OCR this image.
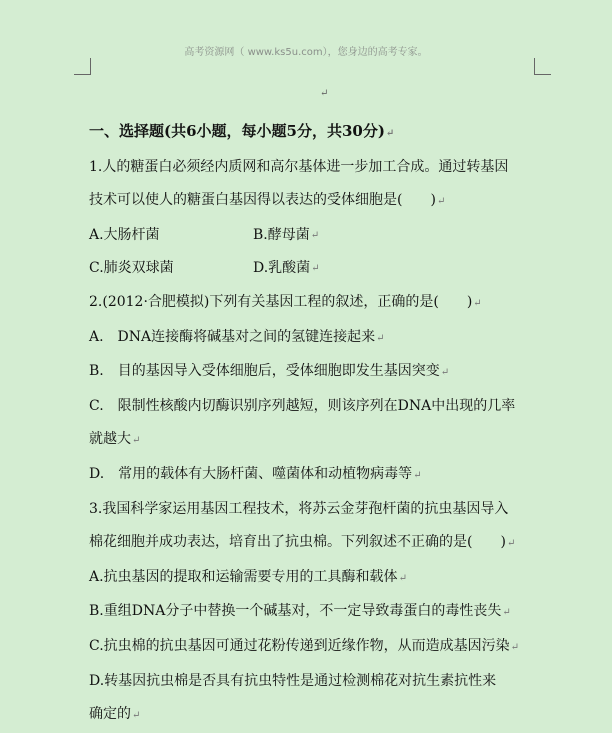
高考资源网（ www.ks5u.com），您身边的高考专家。
↵
一、选择题(共6小题，每小题5分，共30分)↵
1.人的糖蛋白必须经内质网和高尔基体进一步加工合成。通过转基因
技术可以使人的糖蛋白基因得以表达的受体细胞是(　　)↵
A.大肠杆菌	B.酵母菌 ↵
C.肺炎双球菌	D.乳酸菌 ↵
2.(2012·合肥模拟)下列有关基因工程的叙述，正确的是(　　)↵
A.　DNA连接酶将碱基对之间的氢键连接起来↵
B.　目的基因导入受体细胞后，受体细胞即发生基因突变↵
C.　限制性核酸内切酶识别序列越短，则该序列在DNA中出现的几率
就越大↵
D.　常用的载体有大肠杆菌、噬菌体和动植物病毒等↵
3.我国科学家运用基因工程技术，将苏云金芽孢杆菌的抗虫基因导入
棉花细胞并成功表达，培育出了抗虫棉。下列叙述不正确的是(　　)↵
A.抗虫基因的提取和运输需要专用的工具酶和载体↵
B.重组DNA分子中替换一个碱基对，不一定导致毒蛋白的毒性丧失↵
C.抗虫棉的抗虫基因可通过花粉传递到近缘作物，从而造成基因污染↵
D.转基因抗虫棉是否具有抗虫特性是通过检测棉花对抗生素抗性来
确定的↵
